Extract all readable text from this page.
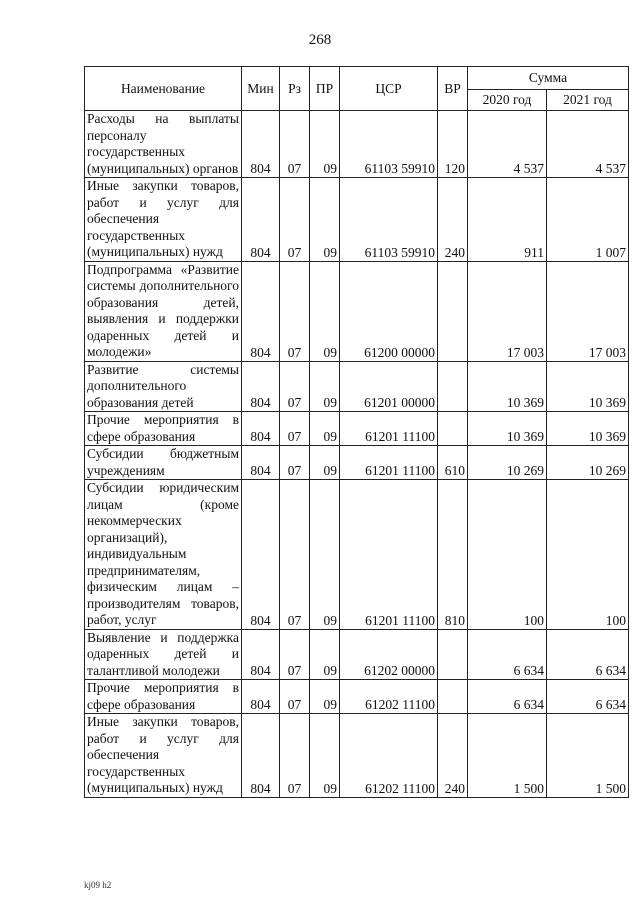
268
Наименование	Мин	Рз	ПР	ЦСР	ВР	Сумма	
						2020 год	2021 год
Расходы на выплаты персоналу государственных (муниципальных) органов	804	07	09	61103 59910	120	4 537	4 537
Иные закупки товаров, работ и услуг для обеспечения государственных (муниципальных) нужд	804	07	09	61103 59910	240	911	1 007
Подпрограмма «Развитие системы дополнительного образования детей, выявления и поддержки одаренных детей и молодежи»	804	07	09	61200 00000		17 003	17 003
Развитие системы дополнительного образования детей	804	07	09	61201 00000		10 369	10 369
Прочие мероприятия в сфере образования	804	07	09	61201 11100		10 369	10 369
Субсидии бюджетным учреждениям	804	07	09	61201 11100	610	10 269	10 269
Субсидии юридическим лицам (кроме некоммерческих организаций), индивидуальным предпринимателям, физическим лицам – производителям товаров, работ, услуг	804	07	09	61201 11100	810	100	100
Выявление и поддержка одаренных детей и талантливой молодежи	804	07	09	61202 00000		6 634	6 634
Прочие мероприятия в сфере образования	804	07	09	61202 11100		6 634	6 634
Иные закупки товаров, работ и услуг для обеспечения государственных (муниципальных) нужд	804	07	09	61202 11100	240	1 500	1 500
kj09 h2
